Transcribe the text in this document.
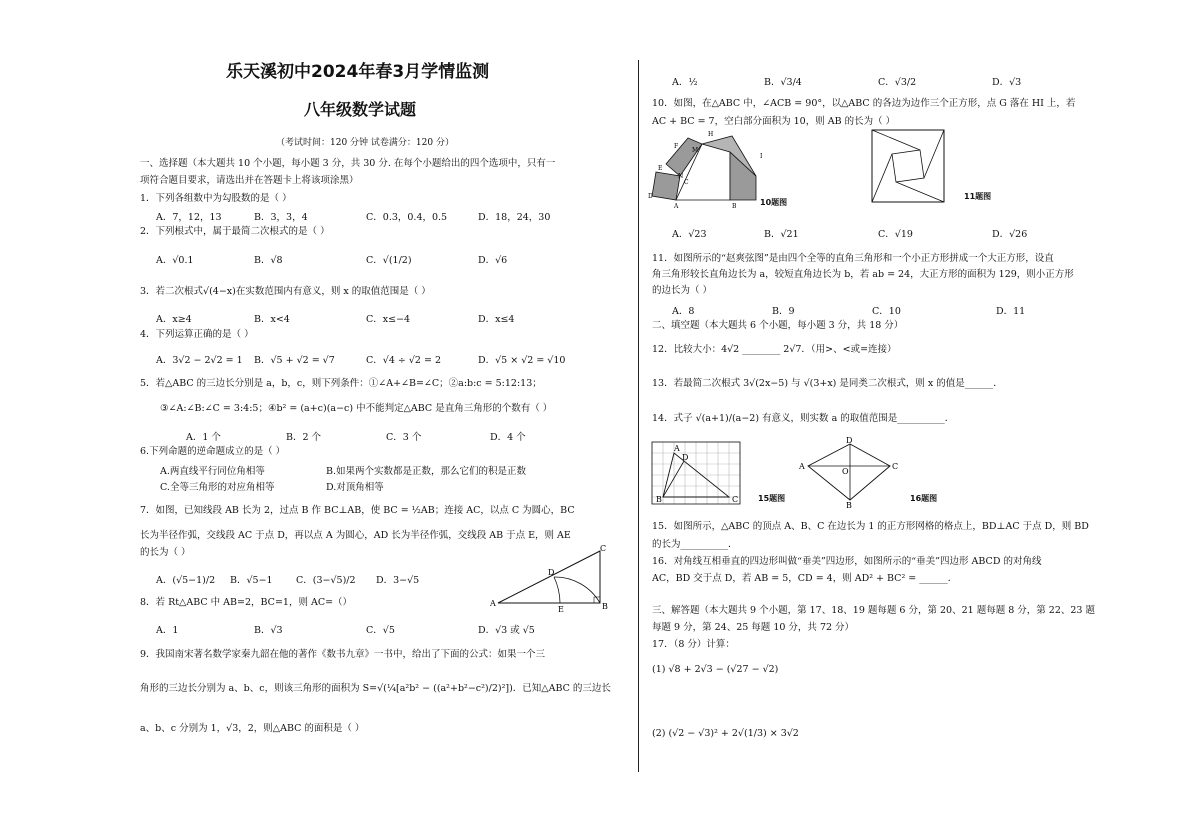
乐天溪初中2024年春3月学情监测
八年级数学试题
（考试时间：120 分钟 试卷满分：120 分）
一、选择题（本大题共 10 个小题，每小题 3 分，共 30 分. 在每个小题给出的四个选项中，只有一
项符合题目要求，请选出并在答题卡上将该项涂黑）
1．下列各组数中为勾股数的是（ ）
A．7，12，13	B．3，3，4	C．0.3，0.4，0.5	D．18，24，30
2．下列根式中，属于最简二次根式的是（ ）
A．√0.1	B．√8	C．√(1/2)	D．√6
3．若二次根式√(4−x)在实数范围内有意义，则 x 的取值范围是（ ）
A．x≥4	B．x<4	C．x≤−4	D．x≤4
4．下列运算正确的是（ ）
A．3√2 − 2√2 = 1 B．√5 + √2 = √7	C．√4 ÷ √2 = 2	D．√5 × √2 = √10
5．若△ABC 的三边长分别是 a，b，c，则下列条件：①∠A+∠B=∠C；②a:b:c = 5:12:13；
③∠A:∠B:∠C = 3:4:5；④b² = (a+c)(a−c) 中不能判定△ABC 是直角三角形的个数有（ ）
A．1 个	B．2 个	C．3 个	D．4 个
6.下列命题的逆命题成立的是（ ）
A.两直线平行同位角相等	B.如果两个实数都是正数，那么它们的积是正数
C.全等三角形的对应角相等	D.对顶角相等
7．如图，已知线段 AB 长为 2，过点 B 作 BC⊥AB，使 BC = ½AB；连接 AC，以点 C 为圆心，BC
长为半径作弧，交线段 AC 于点 D，再以点 A 为圆心，AD 长为半径作弧，交线段 AB 于点 E，则 AE
的长为（ ）
A．(√5−1)/2 B．√5−1 C．(3−√5)/2 D．3−√5
A	B
C
D
E
8．若 Rt△ABC 中 AB=2，BC=1，则 AC=（）
A．1	B．√3	C．√5	D．√3 或 √5
9．我国南宋著名数学家秦九韶在他的著作《数书九章》一书中，给出了下面的公式：如果一个三
角形的三边长分别为 a、b、c，则该三角形的面积为 S=√(¼[a²b² − ((a²+b²−c²)/2)²])．已知△ABC 的三边长
a、b、c 分别为 1，√3，2，则△ABC 的面积是（ ）
A．½	B．√3/4	C．√3/2	D．√3
10．如图，在△ABC 中，∠ACB = 90°，以△ABC 的各边为边作三个正方形，点 G 落在 HI 上，若
AC + BC = 7，空白部分面积为 10，则 AB 的长为（ ）
H
I
M
F
E
D
A	B
C
N
10题图
11题图
A．√23	B．√21	C．√19	D．√26
11．如图所示的“赵爽弦图”是由四个全等的直角三角形和一个小正方形拼成一个大正方形，设直
角三角形较长直角边长为 a，较短直角边长为 b，若 ab = 24，大正方形的面积为 129，则小正方形
的边长为（ ）
A．8	B．9	C．10	D．11
二、填空题（本大题共 6 个小题，每小题 3 分，共 18 分）
12．比较大小：4√2 ________ 2√7．（用>、<或=连接）
13．若最简二次根式 3√(2x−5) 与 √(3+x) 是同类二次根式，则 x 的值是______．
14．式子 √(a+1)/(a−2) 有意义，则实数 a 的取值范围是__________．
A
D
B	C 15题图
A
D
C
B
O
16题图
15．如图所示，△ABC 的顶点 A、B、C 在边长为 1 的正方形网格的格点上，BD⊥AC 于点 D，则 BD
的长为__________．
16．对角线互相垂直的四边形叫做“垂美”四边形，如图所示的“垂美”四边形 ABCD 的对角线
AC，BD 交于点 D，若 AB = 5，CD = 4，则 AD² + BC² = ______．
三、解答题（本大题共 9 个小题，第 17、18、19 题每题 6 分，第 20、21 题每题 8 分，第 22、23 题
每题 9 分，第 24、25 每题 10 分，共 72 分）
17．（8 分）计算：
(1) √8 + 2√3 − (√27 − √2)
(2) (√2 − √3)² + 2√(1/3) × 3√2
